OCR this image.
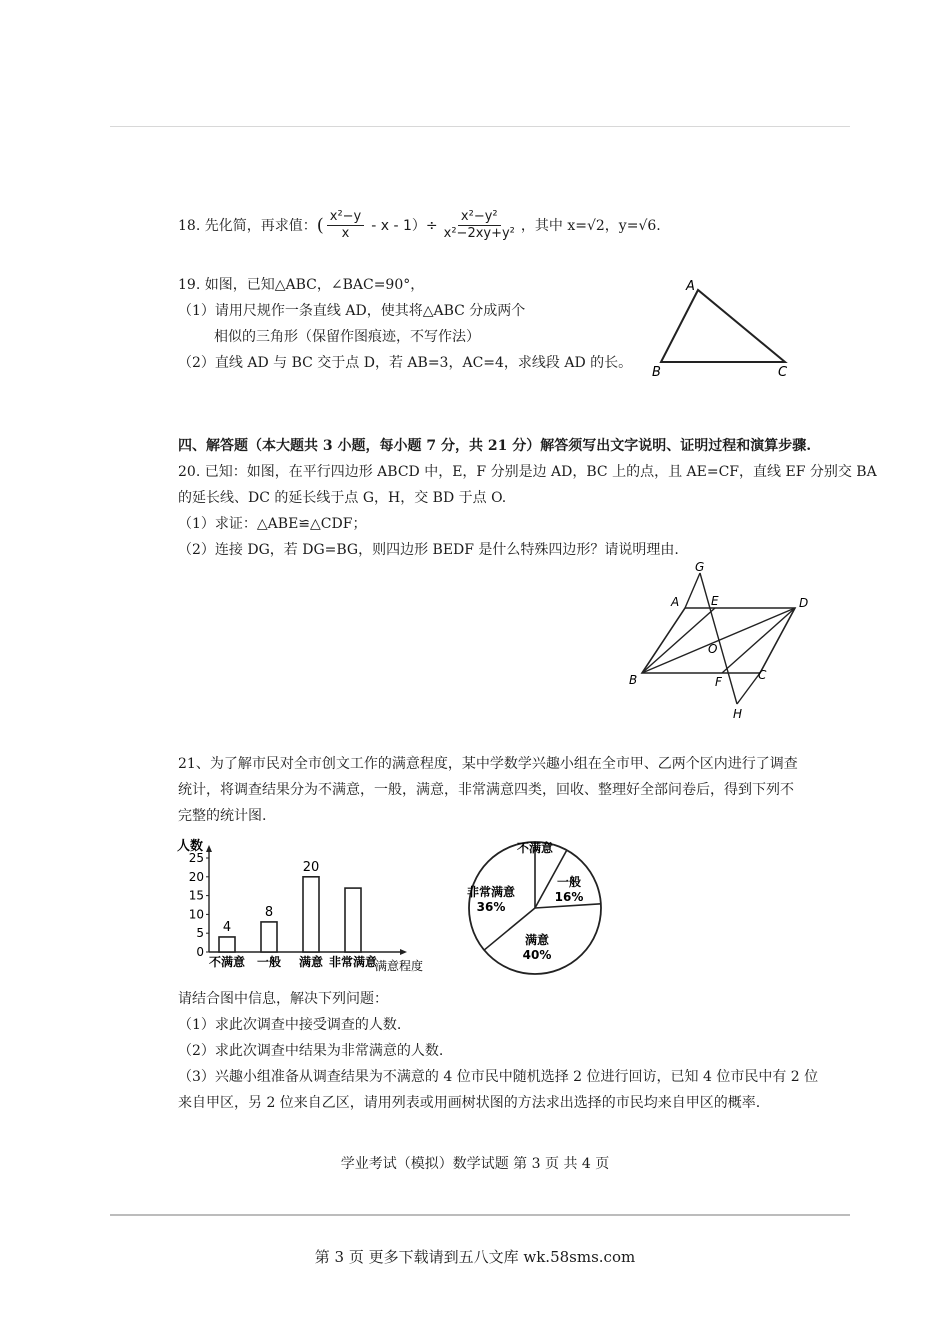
18. 先化简，再求值： ( $\frac{\text{x²−y}}{x} - x - 1)\div \frac{\text{x²−y²}}{\text{x²−2xy+y²}}$ ，其中 x=√2，y=√6.
19. 如图，已知△ABC，∠BAC=90°，
（1）请用尺规作一条直线 AD，使其将△ABC 分成两个
相似的三角形（保留作图痕迹，不写作法）
（2）直线 AD 与 BC 交于点 D，若 AB=3，AC=4，求线段 AD 的长。
A
B	C
四、解答题（本大题共 3 小题，每小题 7 分，共 21 分）解答须写出文字说明、证明过程和演算步骤.
20. 已知：如图，在平行四边形 ABCD 中，E，F 分别是边 AD，BC 上的点，且 AE=CF，直线 EF 分别交 BA
的延长线、DC 的延长线于点 G，H，交 BD 于点 O.
（1）求证：△ABE≌△CDF；
（2）连接 DG，若 DG=BG，则四边形 BEDF 是什么特殊四边形？请说明理由.
G
A	E	D
O
B	F	C
H
21、为了解市民对全市创文工作的满意程度，某中学数学兴趣小组在全市甲、乙两个区内进行了调查
统计，将调查结果分为不满意，一般，满意，非常满意四类，回收、整理好全部问卷后，得到下列不
完整的统计图.
人数
满意程度
0
5
10
15
20
25
4
不满意
8
一般
20
满意 非常满意
不满意
一般 16%
满意 40%
非常满意 36%
请结合图中信息，解决下列问题：
（1）求此次调查中接受调查的人数.
（2）求此次调查中结果为非常满意的人数.
（3）兴趣小组准备从调查结果为不满意的 4 位市民中随机选择 2 位进行回访，已知 4 位市民中有 2 位
来自甲区，另 2 位来自乙区，请用列表或用画树状图的方法求出选择的市民均来自甲区的概率.
学业考试（模拟）数学试题 第 3 页 共 4 页
第 3 页 更多下载请到五八文库 wk.58sms.com
